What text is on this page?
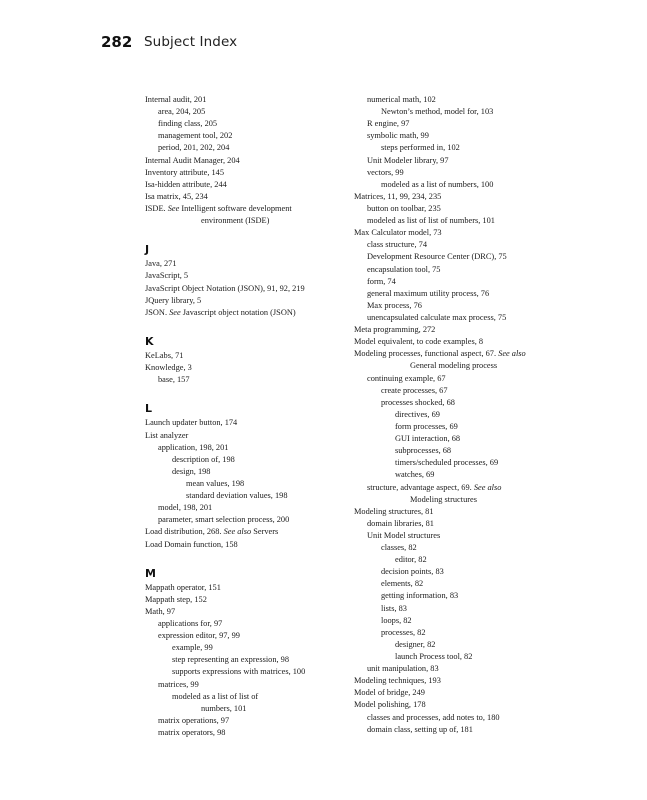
282 Subject Index
Internal audit, 201
area, 204, 205
finding class, 205
management tool, 202
period, 201, 202, 204
Internal Audit Manager, 204
Inventory attribute, 145
Isa-hidden attribute, 244
Isa matrix, 45, 234
ISDE. See Intelligent software development
environment (ISDE)
J
Java, 271
JavaScript, 5
JavaScript Object Notation (JSON), 91, 92, 219
JQuery library, 5
JSON. See Javascript object notation (JSON)
K
KeLabs, 71
Knowledge, 3
base, 157
L
Launch updater button, 174
List analyzer
application, 198, 201
description of, 198
design, 198
mean values, 198
standard deviation values, 198
model, 198, 201
parameter, smart selection process, 200
Load distribution, 268. See also Servers
Load Domain function, 158
M
Mappath operator, 151
Mappath step, 152
Math, 97
applications for, 97
expression editor, 97, 99
example, 99
step representing an expression, 98
supports expressions with matrices, 100
matrices, 99
modeled as a list of list of
numbers, 101
matrix operations, 97
matrix operators, 98
numerical math, 102
Newton’s method, model for, 103
R engine, 97
symbolic math, 99
steps performed in, 102
Unit Modeler library, 97
vectors, 99
modeled as a list of numbers, 100
Matrices, 11, 99, 234, 235
button on toolbar, 235
modeled as list of list of numbers, 101
Max Calculator model, 73
class structure, 74
Development Resource Center (DRC), 75
encapsulation tool, 75
form, 74
general maximum utility process, 76
Max process, 76
unencapsulated calculate max process, 75
Meta programming, 272
Model equivalent, to code examples, 8
Modeling processes, functional aspect, 67. See also
General modeling process
continuing example, 67
create processes, 67
processes shocked, 68
directives, 69
form processes, 69
GUI interaction, 68
subprocesses, 68
timers/scheduled processes, 69
watches, 69
structure, advantage aspect, 69. See also
Modeling structures
Modeling structures, 81
domain libraries, 81
Unit Model structures
classes, 82
editor, 82
decision points, 83
elements, 82
getting information, 83
lists, 83
loops, 82
processes, 82
designer, 82
launch Process tool, 82
unit manipulation, 83
Modeling techniques, 193
Model of bridge, 249
Model polishing, 178
classes and processes, add notes to, 180
domain class, setting up of, 181
